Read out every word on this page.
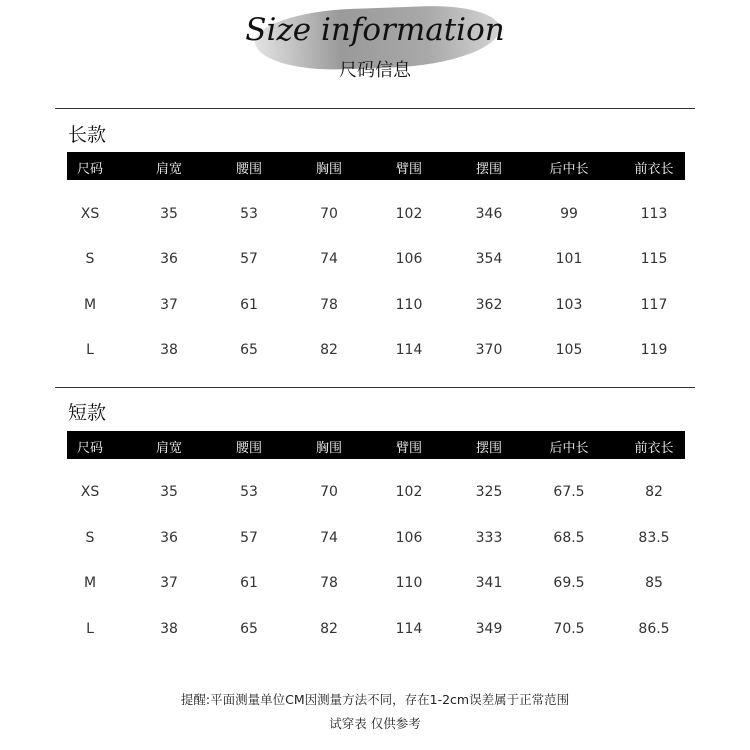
Size information
尺码信息
长款
尺码	肩宽	腰围	胸围	臂围	摆围	后中长	前衣长
XS	35	53	70	102	346	99	113
S	36	57	74	106	354	101	115
M	37	61	78	110	362	103	117
L	38	65	82	114	370	105	119
短款
尺码	肩宽	腰围	胸围	臂围	摆围	后中长	前衣长
XS	35	53	70	102	325	67.5	82
S	36	57	74	106	333	68.5	83.5
M	37	61	78	110	341	69.5	85
L	38	65	82	114	349	70.5	86.5
提醒:平面测量单位CM因测量方法不同，存在1-2cm误差属于正常范围
试穿表 仅供参考
